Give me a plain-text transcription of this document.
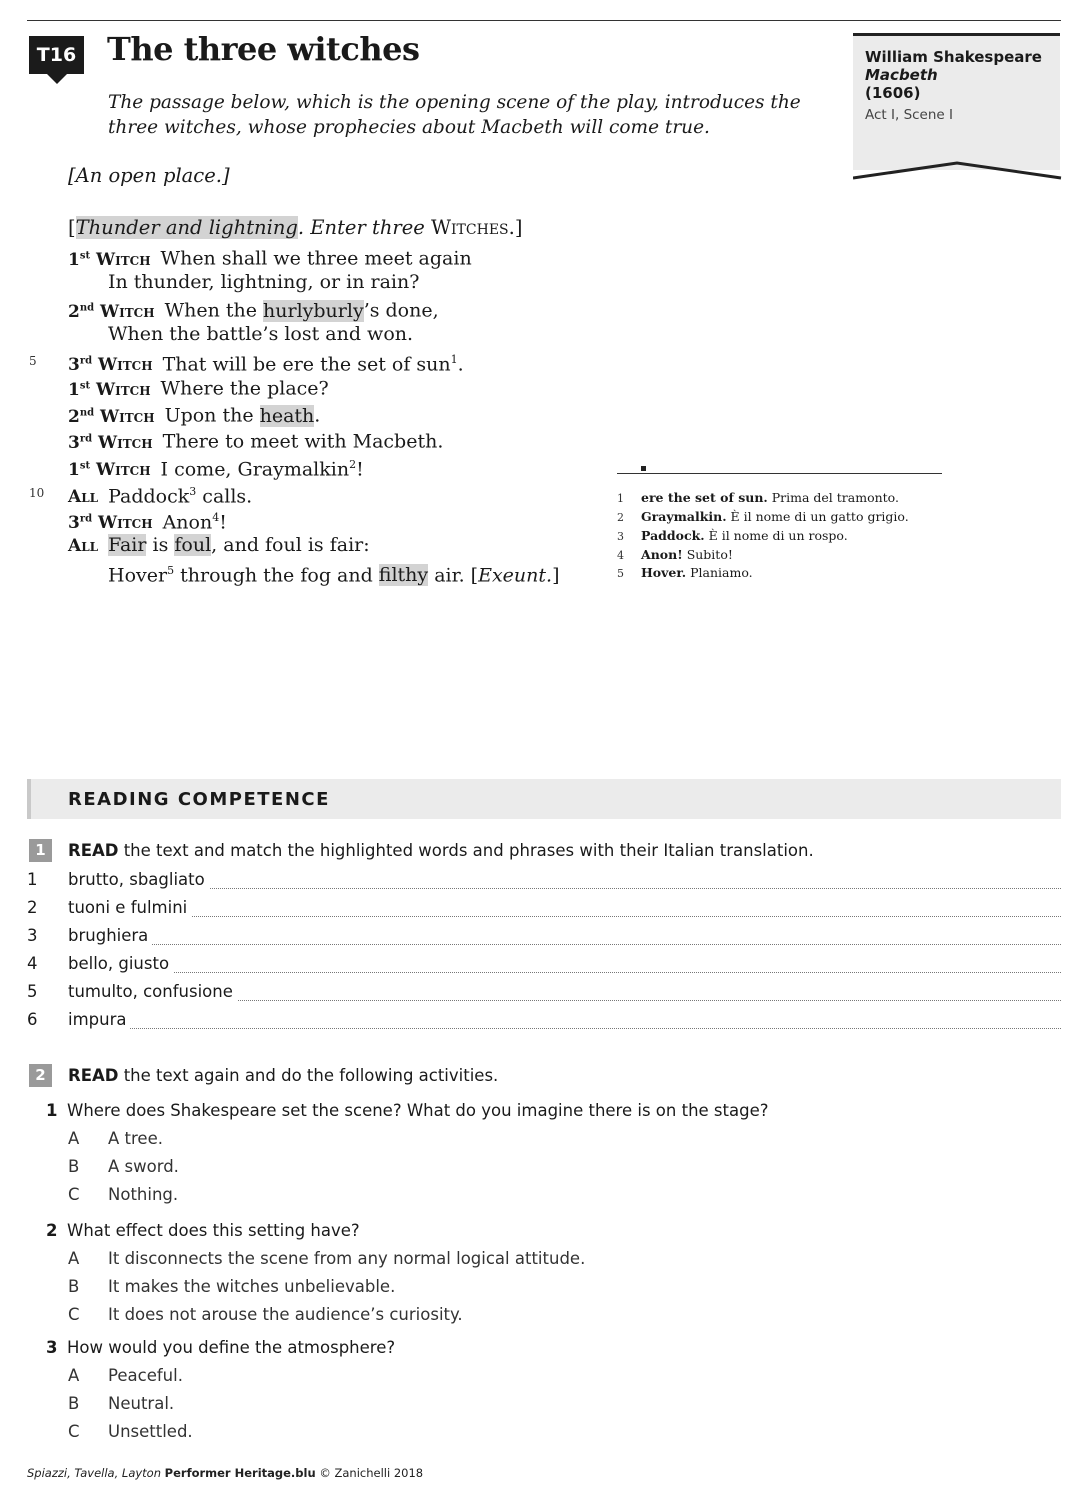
T16 The three witches
The passage below, which is the opening scene of the play, introduces the three witches, whose prophecies about Macbeth will come true.
William Shakespeare
Macbeth
(1606)
Act I, Scene I
[An open place.]
[Thunder and lightning. Enter three Witches.]
1st Witch When shall we three meet again
In thunder, lightning, or in rain?
2nd Witch When the hurlyburly’s done,
When the battle’s lost and won.
5 3rd Witch That will be ere the set of sun$^1$.
1st Witch Where the place?
2nd Witch Upon the heath.
3rd Witch There to meet with Macbeth.
1st Witch I come, Graymalkin$^2$!
10 All Paddock$^3$ calls.
3rd Witch Anon$^4$!
All Fair is foul, and foul is fair:
Hover$^5$ through the fog and filthy air. [Exeunt.]
1 ere the set of sun. Prima del tramonto.
2 Graymalkin. È il nome di un gatto grigio.
3 Paddock. È il nome di un rospo.
4 Anon! Subito!
5 Hover. Planiamo.
READING COMPETENCE
1	READ the text and match the highlighted words and phrases with their Italian translation.
1	brutto, sbagliato
2	tuoni e fulmini
3	brughiera
4	bello, giusto
5	tumulto, confusione
6	impura
2	READ the text again and do the following activities.
1 Where does Shakespeare set the scene? What do you imagine there is on the stage?
A A tree.
B A sword.
C Nothing.
2 What effect does this setting have?
A It disconnects the scene from any normal logical attitude.
B It makes the witches unbelievable.
C It does not arouse the audience’s curiosity.
3 How would you define the atmosphere?
A Peaceful.
B Neutral.
C Unsettled.
Spiazzi, Tavella, Layton Performer Heritage.blu © Zanichelli 2018
